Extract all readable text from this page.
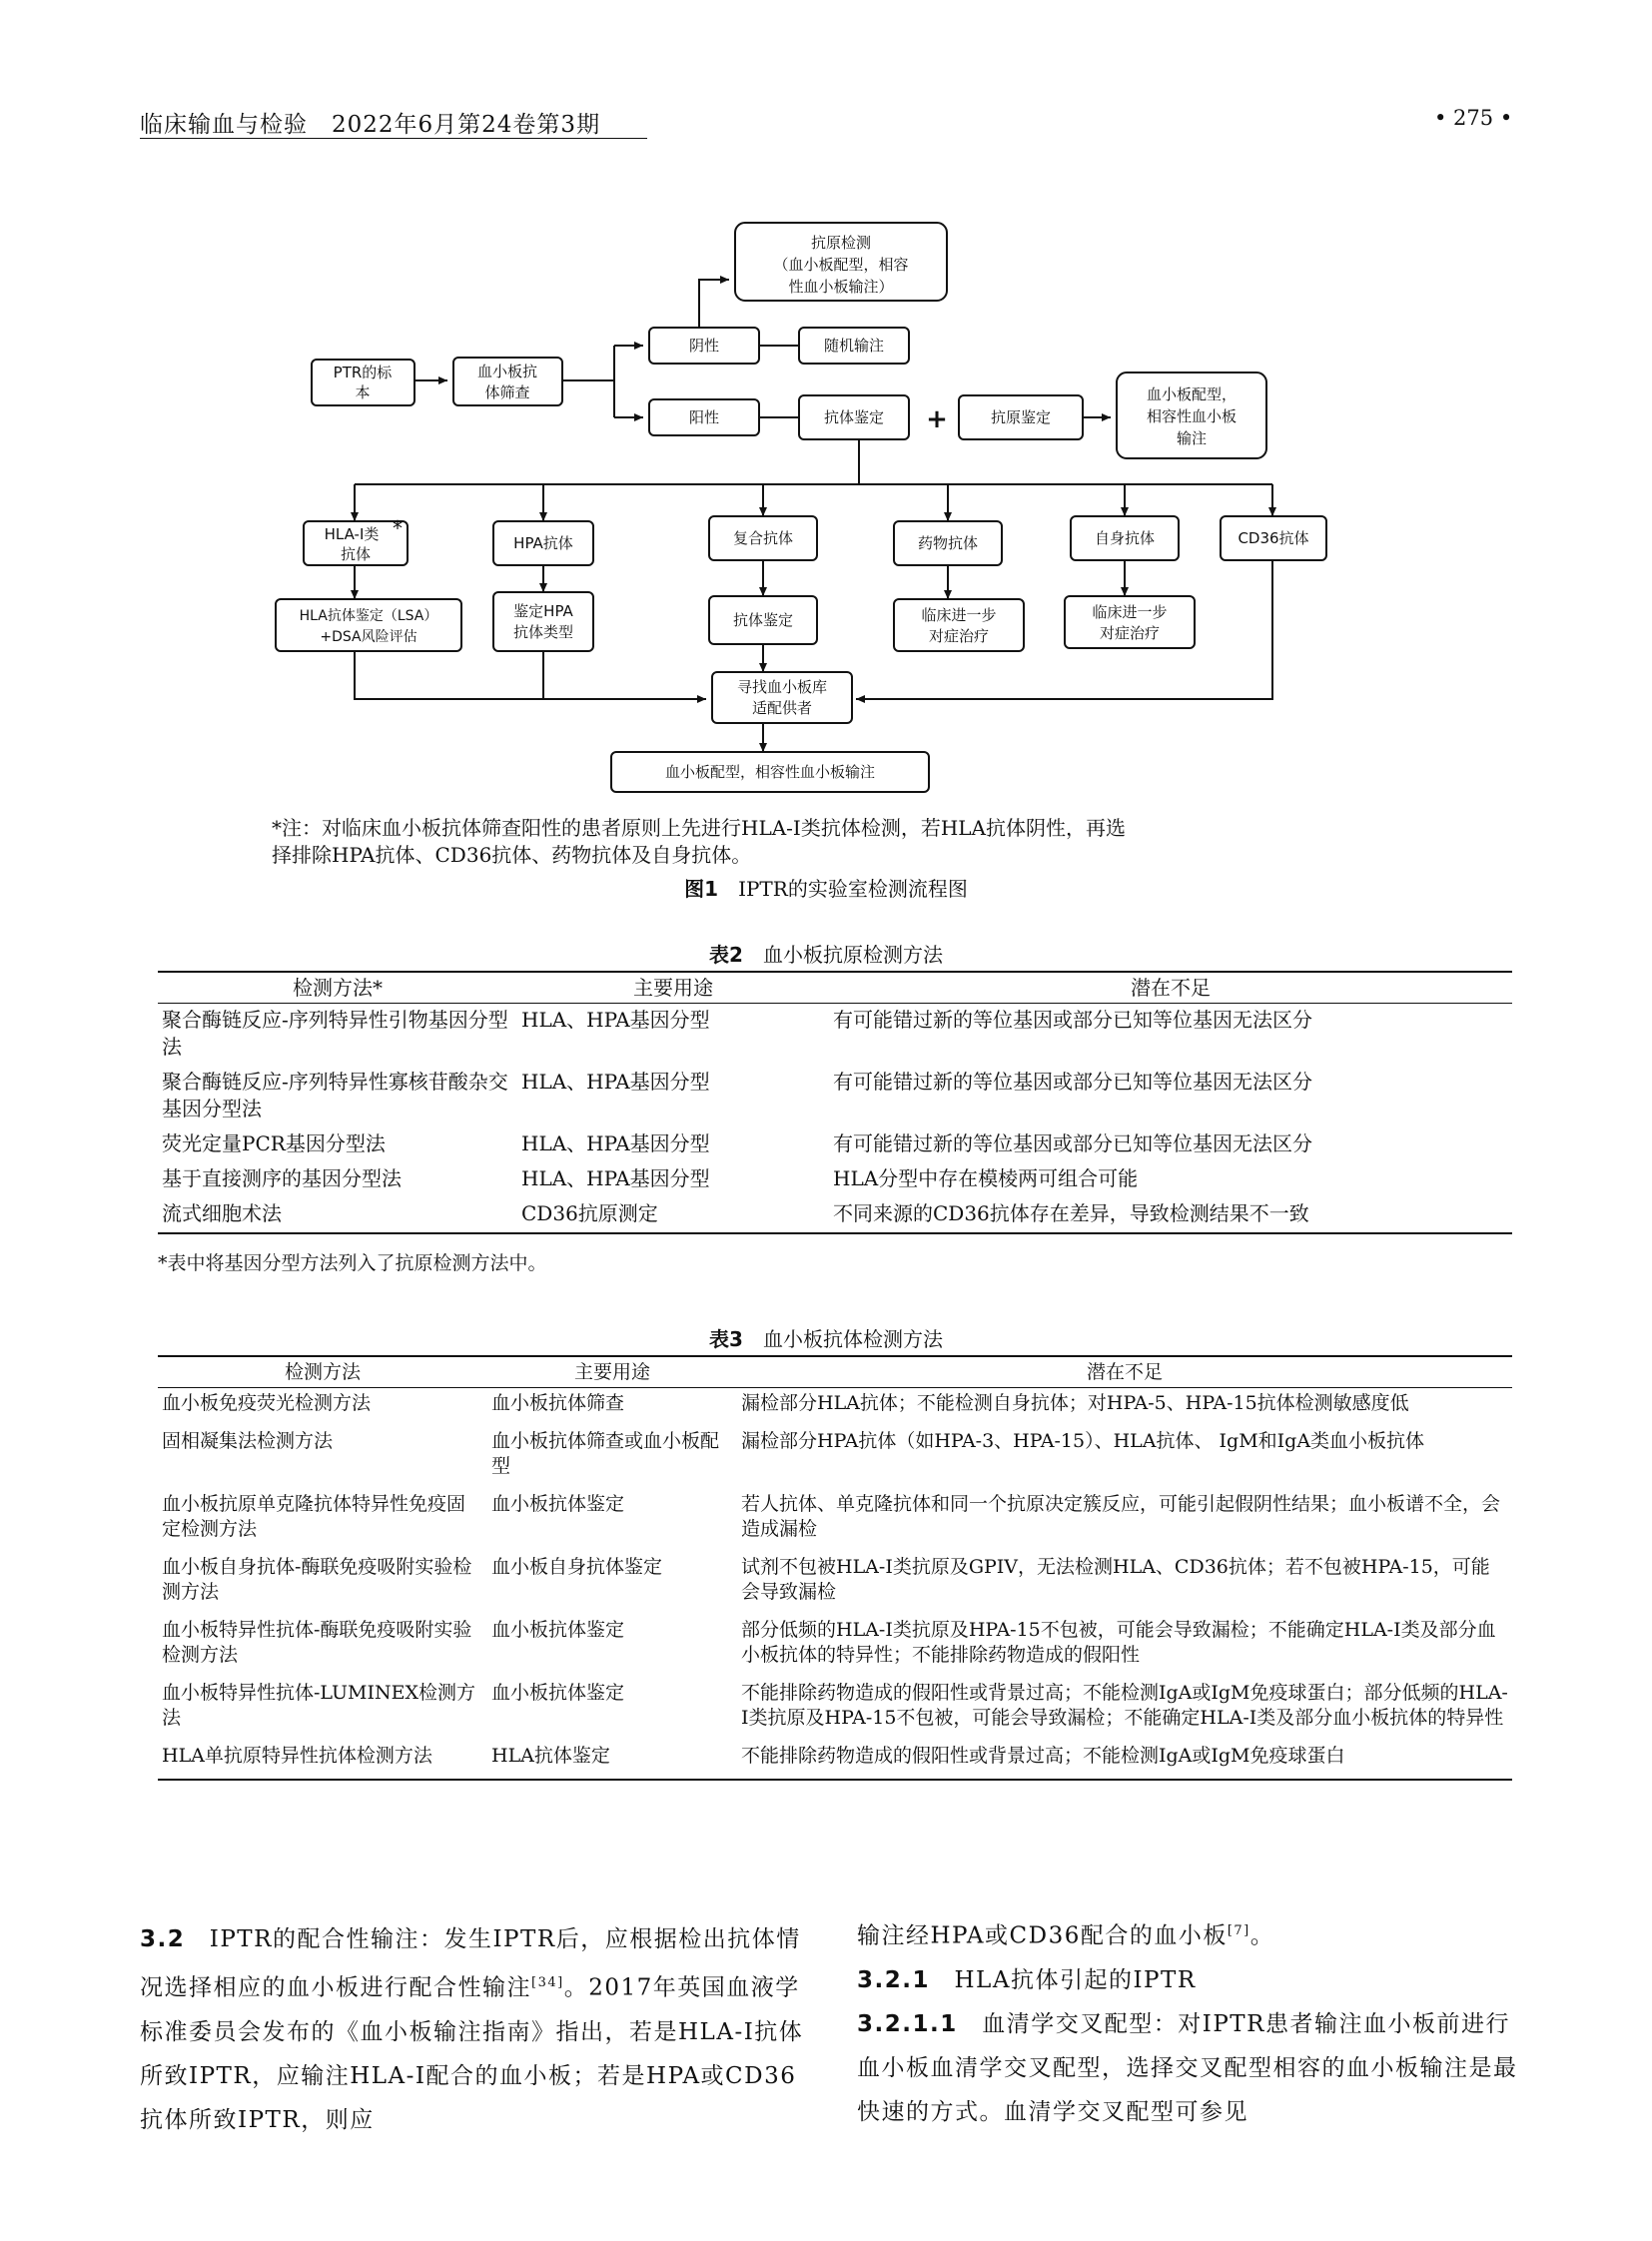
临床输血与检验　2022年6月第24卷第3期	• 275 •
PTR的标
本
血小板抗
体筛查
抗原检测
（血小板配型，相容
性血小板输注）
阴性	随机输注
阳性	抗体鉴定 +	抗原鉴定
血小板配型，
相容性血小板
输注
HLA-I类 *
抗体
HPA抗体	复合抗体	药物抗体	自身抗体	CD36抗体
HLA抗体鉴定（LSA）
+DSA风险评估
鉴定HPA
抗体类型
抗体鉴定	临床进一步
对症治疗
临床进一步
对症治疗
寻找血小板库
适配供者
血小板配型，相容性血小板输注
*注：对临床血小板抗体筛查阳性的患者原则上先进行HLA-I类抗体检测，若HLA抗体阴性，再选
择排除HPA抗体、CD36抗体、药物抗体及自身抗体。
图1　 IPTR的实验室检测流程图
表2　 血小板抗原检测方法
检测方法*	主要用途	潜在不足
聚合酶链反应-序列特异性引物基因分型法	HLA、HPA基因分型	有可能错过新的等位基因或部分已知等位基因无法区分
聚合酶链反应-序列特异性寡核苷酸杂交基因分型法	HLA、HPA基因分型	有可能错过新的等位基因或部分已知等位基因无法区分
荧光定量PCR基因分型法	HLA、HPA基因分型	有可能错过新的等位基因或部分已知等位基因无法区分
基于直接测序的基因分型法	HLA、HPA基因分型	HLA分型中存在模棱两可组合可能
流式细胞术法	CD36抗原测定	不同来源的CD36抗体存在差异，导致检测结果不一致
*表中将基因分型方法列入了抗原检测方法中。
表3　 血小板抗体检测方法
检测方法	主要用途	潜在不足
血小板免疫荧光检测方法	血小板抗体筛查	漏检部分HLA抗体；不能检测自身抗体；对HPA-5、HPA-15抗体检测敏感度低
固相凝集法检测方法	血小板抗体筛查或血小板配型	漏检部分HPA抗体（如HPA-3、HPA-15）、HLA抗体、 IgM和IgA类血小板抗体
血小板抗原单克隆抗体特异性免疫固定检测方法	血小板抗体鉴定	若人抗体、单克隆抗体和同一个抗原决定簇反应，可能引起假阴性结果；血小板谱不全，会造成漏检
血小板自身抗体-酶联免疫吸附实验检测方法	血小板自身抗体鉴定	试剂不包被HLA-Ⅰ类抗原及GPIV，无法检测HLA、CD36抗体；若不包被HPA-15，可能会导致漏检
血小板特异性抗体-酶联免疫吸附实验检测方法	血小板抗体鉴定	部分低频的HLA-Ⅰ类抗原及HPA-15不包被，可能会导致漏检；不能确定HLA-Ⅰ类及部分血小板抗体的特异性；不能排除药物造成的假阳性
血小板特异性抗体-LUMINEX检测方法	血小板抗体鉴定	不能排除药物造成的假阳性或背景过高；不能检测IgA或IgM免疫球蛋白；部分低频的HLA-Ⅰ类抗原及HPA-15不包被，可能会导致漏检；不能确定HLA-Ⅰ类及部分血小板抗体的特异性
HLA单抗原特异性抗体检测方法	HLA抗体鉴定	不能排除药物造成的假阳性或背景过高；不能检测IgA或IgM免疫球蛋白

3.2　 IPTR的配合性输注：发生IPTR后，应根据检出抗体情况选择相应的血小板进行配合性输注[34]。2017年英国血液学标准委员会发布的《血小板输注指南》指出，若是HLA-Ⅰ抗体所致IPTR，应输注HLA-Ⅰ配合的血小板；若是HPA或CD36抗体所致IPTR，则应

输注经HPA或CD36配合的血小板[7]。

3.2.1　 HLA抗体引起的IPTR

3.2.1.1　 血清学交叉配型：对IPTR患者输注血小板前进行血小板血清学交叉配型，选择交叉配型相容的血小板输注是最快速的方式。血清学交叉配型可参见
